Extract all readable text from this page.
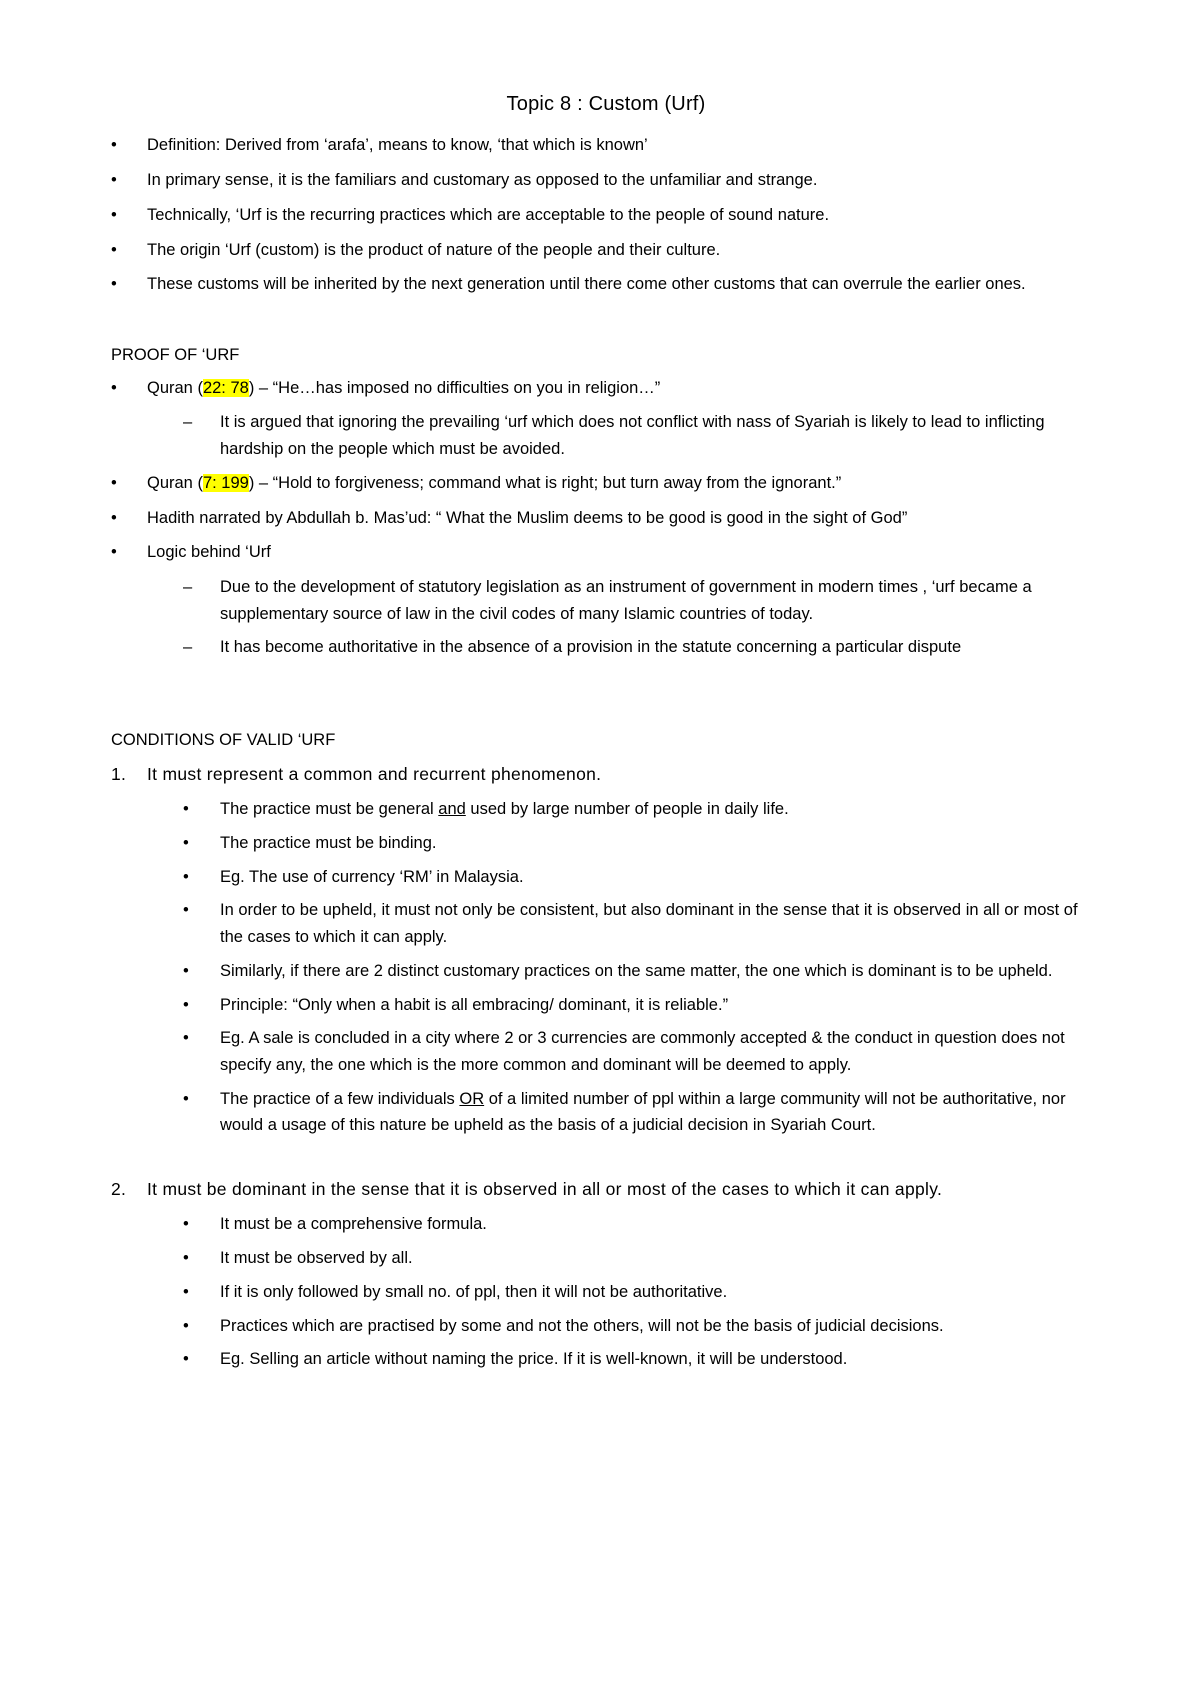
Topic 8 : Custom (Urf)
•	Definition: Derived from ‘arafa’, means to know, ‘that which is known’
•	In primary sense, it is the familiars and customary as opposed to the unfamiliar and strange.
•	Technically, ‘Urf is the recurring practices which are acceptable to the people of sound nature.
•	The origin ‘Urf (custom) is the product of nature of the people and their culture.
•	These customs will be inherited by the next generation until there come other customs that can overrule the earlier ones.
PROOF OF ‘URF
•	Quran (22: 78) – “He…has imposed no difficulties on you in religion…”
– It is argued that ignoring the prevailing ‘urf which does not conflict with nass of Syariah is likely to lead to inflicting hardship on the people which must be avoided.
•	Quran (7: 199) – “Hold to forgiveness; command what is right; but turn away from the ignorant.”
•	Hadith narrated by Abdullah b. Mas’ud: “ What the Muslim deems to be good is good in the sight of God”
•	Logic behind ‘Urf
– Due to the development of statutory legislation as an instrument of government in modern times , ‘urf became a supplementary source of law in the civil codes of many Islamic countries of today.
– It has become authoritative in the absence of a provision in the statute concerning a particular dispute
CONDITIONS OF VALID ‘URF
1. It must represent a common and recurrent phenomenon.
• The practice must be general and used by large number of people in daily life.
• The practice must be binding.
• Eg. The use of currency ‘RM’ in Malaysia.
• In order to be upheld, it must not only be consistent, but also dominant in the sense that it is observed in all or most of the cases to which it can apply.
• Similarly, if there are 2 distinct customary practices on the same matter, the one which is dominant is to be upheld.
• Principle: “Only when a habit is all embracing/ dominant, it is reliable.”
• Eg. A sale is concluded in a city where 2 or 3 currencies are commonly accepted & the conduct in question does not specify any, the one which is the more common and dominant will be deemed to apply.
• The practice of a few individuals OR of a limited number of ppl within a large community will not be authoritative, nor would a usage of this nature be upheld as the basis of a judicial decision in Syariah Court.
2. It must be dominant in the sense that it is observed in all or most of the cases to which it can apply.
• It must be a comprehensive formula.
• It must be observed by all.
• If it is only followed by small no. of ppl, then it will not be authoritative.
• Practices which are practised by some and not the others, will not be the basis of judicial decisions.
• Eg. Selling an article without naming the price. If it is well-known, it will be understood.
